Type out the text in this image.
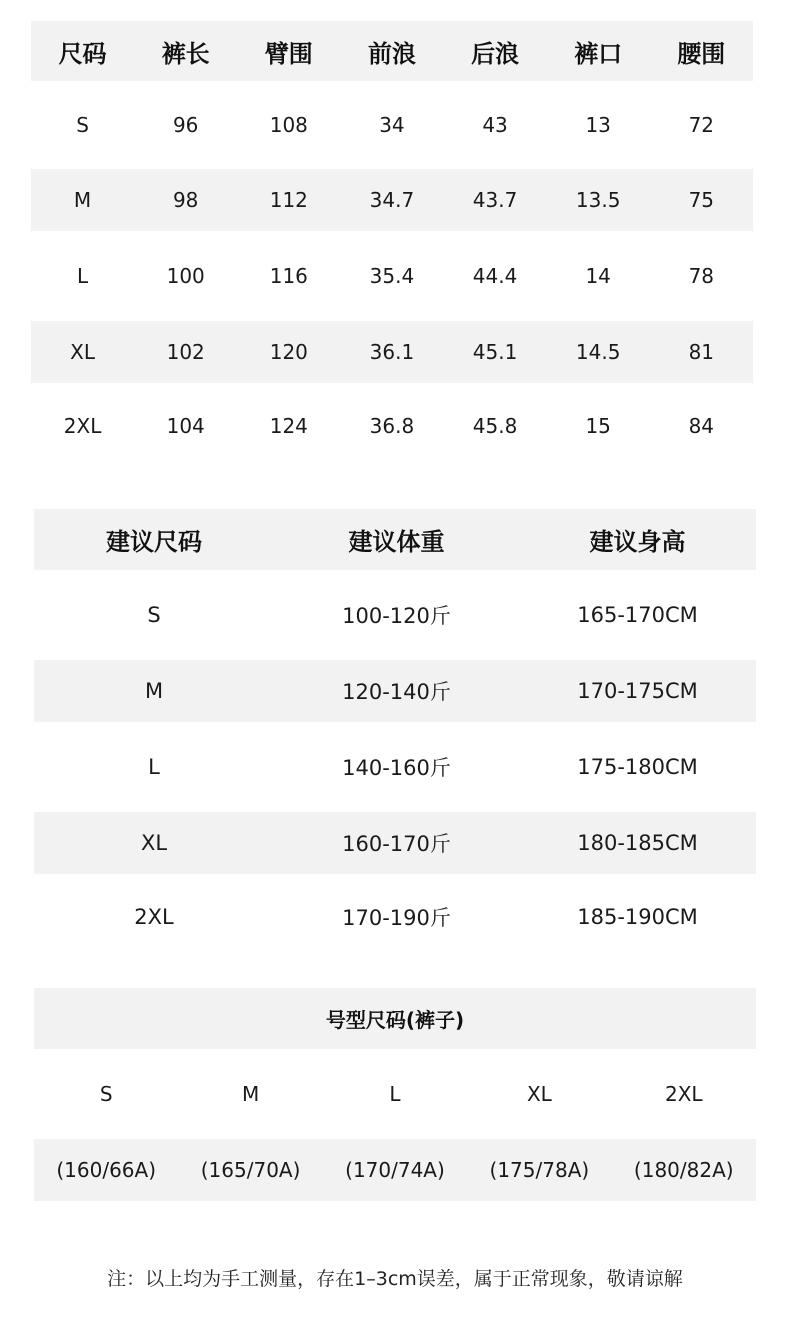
尺码	裤长	臂围	前浪	后浪	裤口	腰围
S	96	108	34	43	13	72
M	98	112	34.7	43.7	13.5	75
L	100	116	35.4	44.4	14	78
XL	102	120	36.1	45.1	14.5	81
2XL	104	124	36.8	45.8	15	84
建议尺码	建议体重	建议身高
S	100-120斤	165-170CM
M	120-140斤	170-175CM
L	140-160斤	175-180CM
XL	160-170斤	180-185CM
2XL	170-190斤	185-190CM
号型尺码(裤子)
S	M	L	XL	2XL
(160/66A)	(165/70A)	(170/74A)	(175/78A)	(180/82A)
注：以上均为手工测量，存在1–3cm误差，属于正常现象，敬请谅解
